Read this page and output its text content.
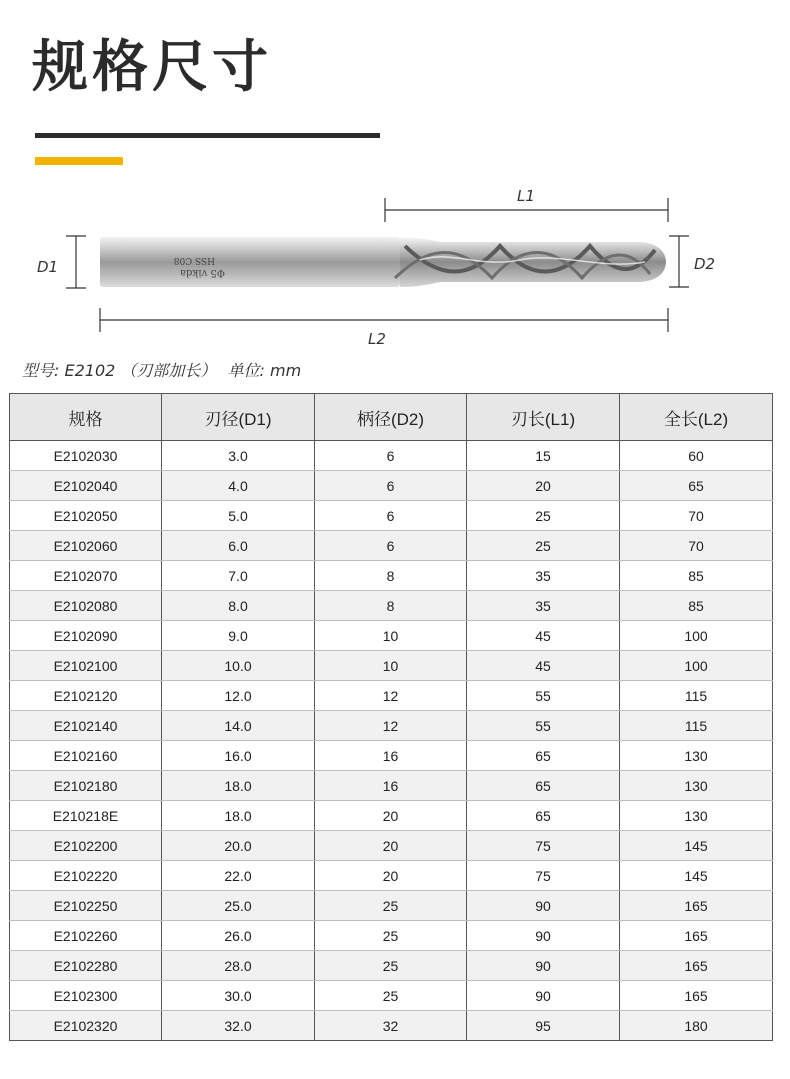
规格尺寸
Φ5 vikda
HSS C08
L1
L2
D1	D2
型号: E2102 （刃部加长） 单位: mm
规格	刃径(D1)	柄径(D2)	刃长(L1)	全长(L2)
E2102030	3.0	6	15	60
E2102040	4.0	6	20	65
E2102050	5.0	6	25	70
E2102060	6.0	6	25	70
E2102070	7.0	8	35	85
E2102080	8.0	8	35	85
E2102090	9.0	10	45	100
E2102100	10.0	10	45	100
E2102120	12.0	12	55	115
E2102140	14.0	12	55	115
E2102160	16.0	16	65	130
E2102180	18.0	16	65	130
E210218E	18.0	20	65	130
E2102200	20.0	20	75	145
E2102220	22.0	20	75	145
E2102250	25.0	25	90	165
E2102260	26.0	25	90	165
E2102280	28.0	25	90	165
E2102300	30.0	25	90	165
E2102320	32.0	32	95	180
